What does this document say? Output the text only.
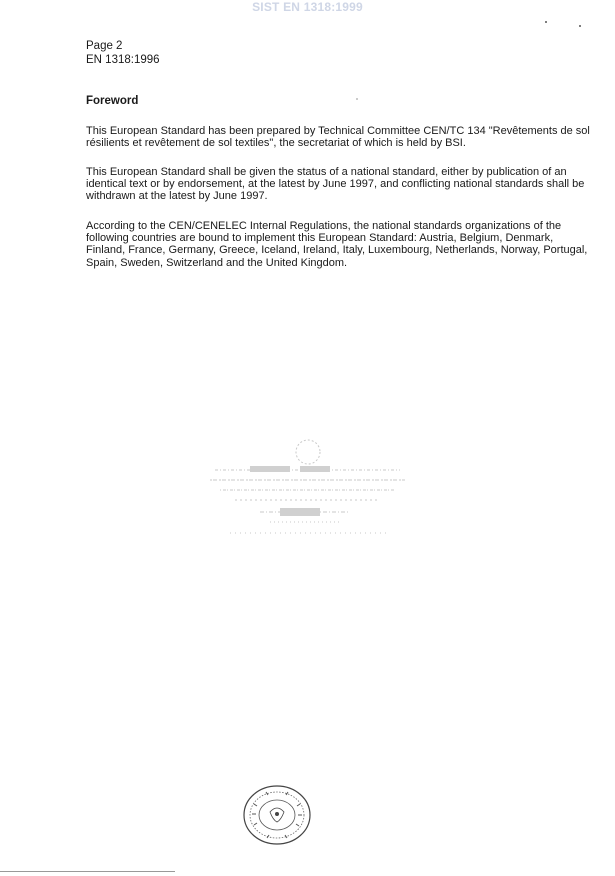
SIST EN 1318:1999
Page 2
EN 1318:1996
Foreword

This European Standard has been prepared by Technical Committee CEN/TC 134 "Revêtements de sol résilients et revêtement de sol textiles", the secretariat of which is held by BSI.

This European Standard shall be given the status of a national standard, either by publication of an identical text or by endorsement, at the latest by June 1997, and conflicting national standards shall be withdrawn at the latest by June 1997.

According to the CEN/CENELEC Internal Regulations, the national standards organizations of the following countries are bound to implement this European Standard: Austria, Belgium, Denmark, Finland, France, Germany, Greece, Iceland, Ireland, Italy, Luxembourg, Netherlands, Norway, Portugal, Spain, Sweden, Switzerland and the United Kingdom.
